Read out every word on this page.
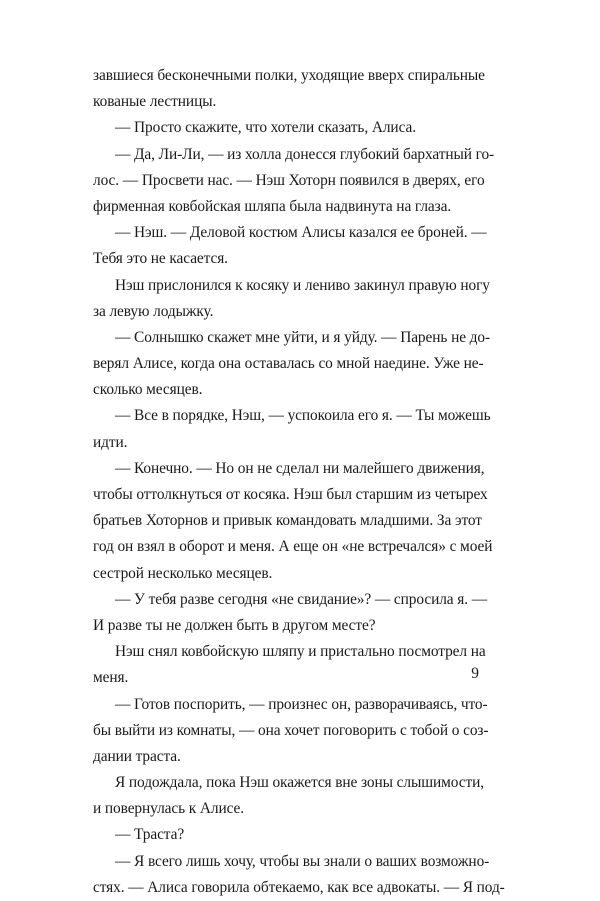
завшиеся бесконечными полки, уходящие вверх спиральные
кованые лестницы.
— Просто скажите, что хотели сказать, Алиса.
— Да, Ли-Ли, — из холла донесся глубокий бархатный го-
лос. — Просвети нас. — Нэш Хоторн появился в дверях, его
фирменная ковбойская шляпа была надвинута на глаза.
— Нэш. — Деловой костюм Алисы казался ее броней. —
Тебя это не касается.
Нэш прислонился к косяку и лениво закинул правую ногу
за левую лодыжку.
— Солнышко скажет мне уйти, и я уйду. — Парень не до-
верял Алисе, когда она оставалась со мной наедине. Уже не-
сколько месяцев.
— Все в порядке, Нэш, — успокоила его я. — Ты можешь
идти.
— Конечно. — Но он не сделал ни малейшего движения,
чтобы оттолкнуться от косяка. Нэш был старшим из четырех
братьев Хоторнов и привык командовать младшими. За этот
год он взял в оборот и меня. А еще он «не встречался» с моей
сестрой несколько месяцев.
— У тебя разве сегодня «не свидание»? — спросила я. —
И разве ты не должен быть в другом месте?
Нэш снял ковбойскую шляпу и пристально посмотрел на
меня.
— Готов поспорить, — произнес он, разворачиваясь, что-
бы выйти из комнаты, — она хочет поговорить с тобой о соз-
дании траста.
Я подождала, пока Нэш окажется вне зоны слышимости,
и повернулась к Алисе.
— Траста?
— Я всего лишь хочу, чтобы вы знали о ваших возможно-
стях. — Алиса говорила обтекаемо, как все адвокаты. — Я под-
9
